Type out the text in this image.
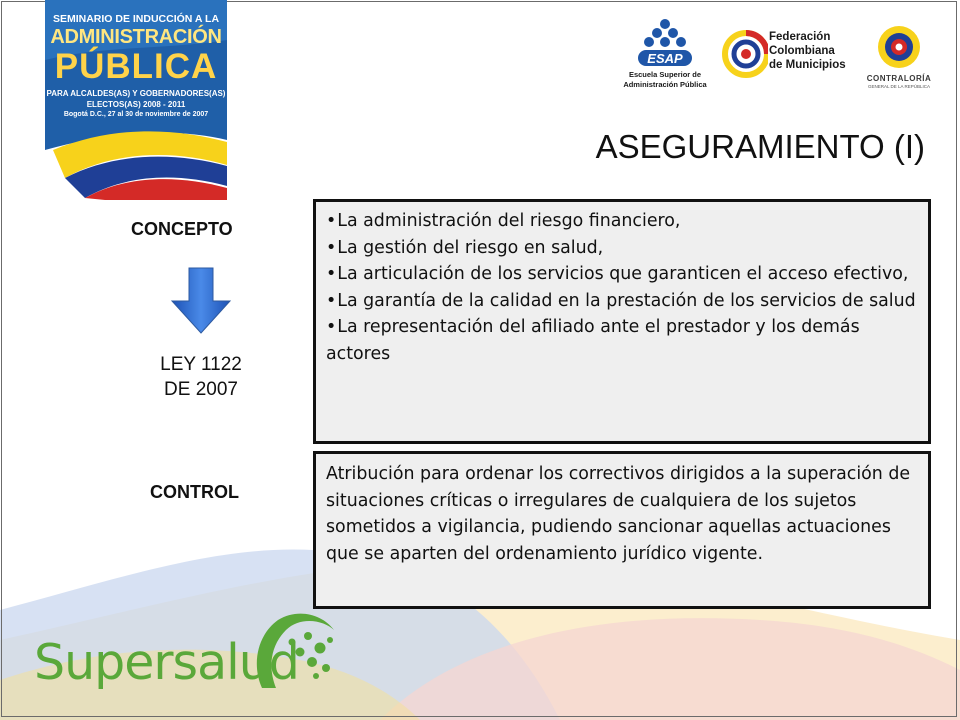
SEMINARIO DE INDUCCIÓN A LA
ADMINISTRACIÓN
PÚBLICA
PARA ALCALDES(AS) Y GOBERNADORES(AS)
ELECTOS(AS) 2008 - 2011
Bogotá D.C., 27 al 30 de noviembre de 2007
ESAP
Escuela Superior de
Administración Pública
Federación
Colombiana
de Municipios
CONTRALORÍA
GENERAL DE LA REPÚBLICA
ASEGURAMIENTO (I)
CONCEPTO
LEY 1122
DE 2007
• La administración del riesgo financiero,
• La gestión del riesgo en salud,
• La articulación de los servicios que garanticen el acceso efectivo,
• La garantía de la calidad en la prestación de los servicios de salud
• La representación del afiliado ante el prestador y los demás actores
CONTROL

Atribución para ordenar los correctivos dirigidos a la superación de situaciones críticas o irregulares de cualquiera de los sujetos sometidos a vigilancia, pudiendo sancionar aquellas actuaciones que se aparten del ordenamiento jurídico vigente.

Supersalud
